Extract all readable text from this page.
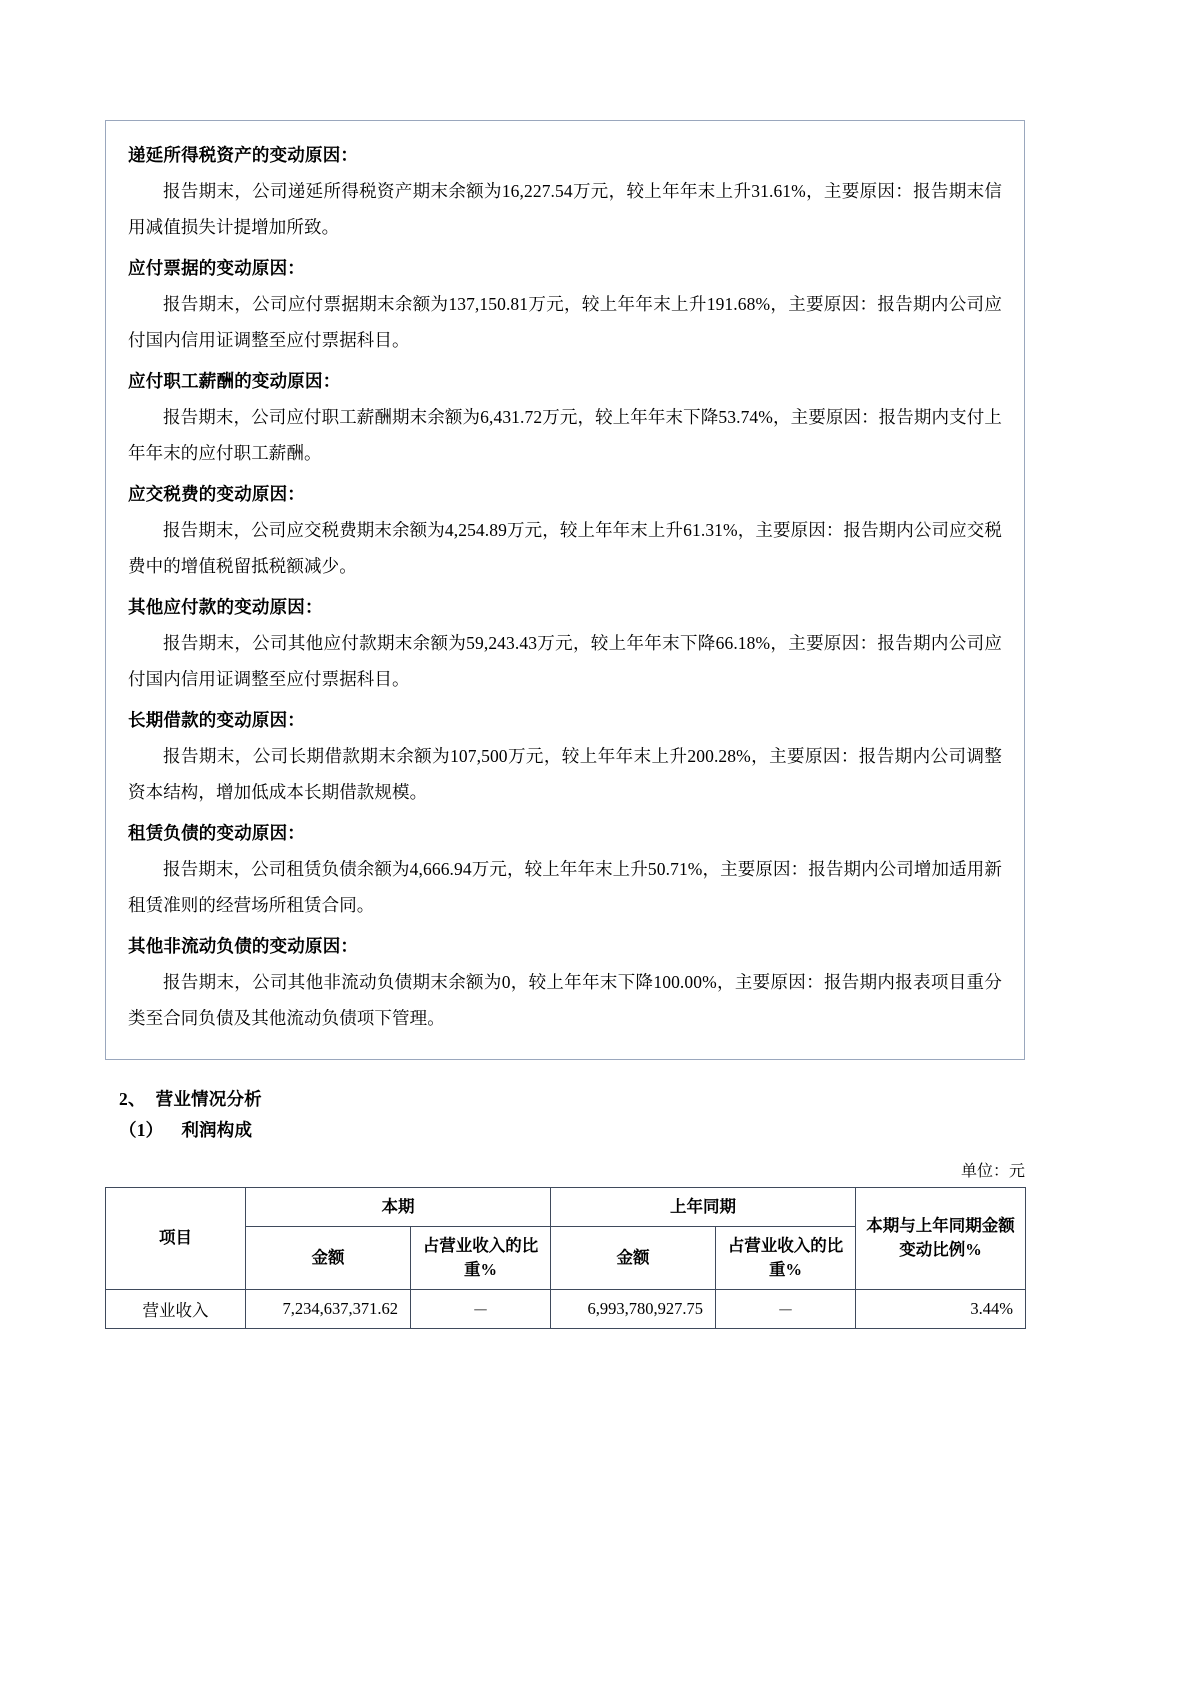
递延所得税资产的变动原因：
报告期末，公司递延所得税资产期末余额为16,227.54万元，较上年年末上升31.61%，主要原因：报告期末信用减值损失计提增加所致。
应付票据的变动原因：
报告期末，公司应付票据期末余额为137,150.81万元，较上年年末上升191.68%，主要原因：报告期内公司应付国内信用证调整至应付票据科目。
应付职工薪酬的变动原因：
报告期末，公司应付职工薪酬期末余额为6,431.72万元，较上年年末下降53.74%，主要原因：报告期内支付上年年末的应付职工薪酬。
应交税费的变动原因：
报告期末，公司应交税费期末余额为4,254.89万元，较上年年末上升61.31%，主要原因：报告期内公司应交税费中的增值税留抵税额减少。
其他应付款的变动原因：
报告期末，公司其他应付款期末余额为59,243.43万元，较上年年末下降66.18%，主要原因：报告期内公司应付国内信用证调整至应付票据科目。
长期借款的变动原因：
报告期末，公司长期借款期末余额为107,500万元，较上年年末上升200.28%，主要原因：报告期内公司调整资本结构，增加低成本长期借款规模。
租赁负债的变动原因：
报告期末，公司租赁负债余额为4,666.94万元，较上年年末上升50.71%，主要原因：报告期内公司增加适用新租赁准则的经营场所租赁合同。
其他非流动负债的变动原因：
报告期末，公司其他非流动负债期末余额为0，较上年年末下降100.00%，主要原因：报告期内报表项目重分类至合同负债及其他流动负债项下管理。
2、 营业情况分析
（1） 利润构成
单位：元
项目	本期		上年同期		本期与上年同期金额变动比例%
	金额	占营业收入的比重%	金额	占营业收入的比重%	
营业收入	7,234,637,371.62	－	6,993,780,927.75	－	3.44%
